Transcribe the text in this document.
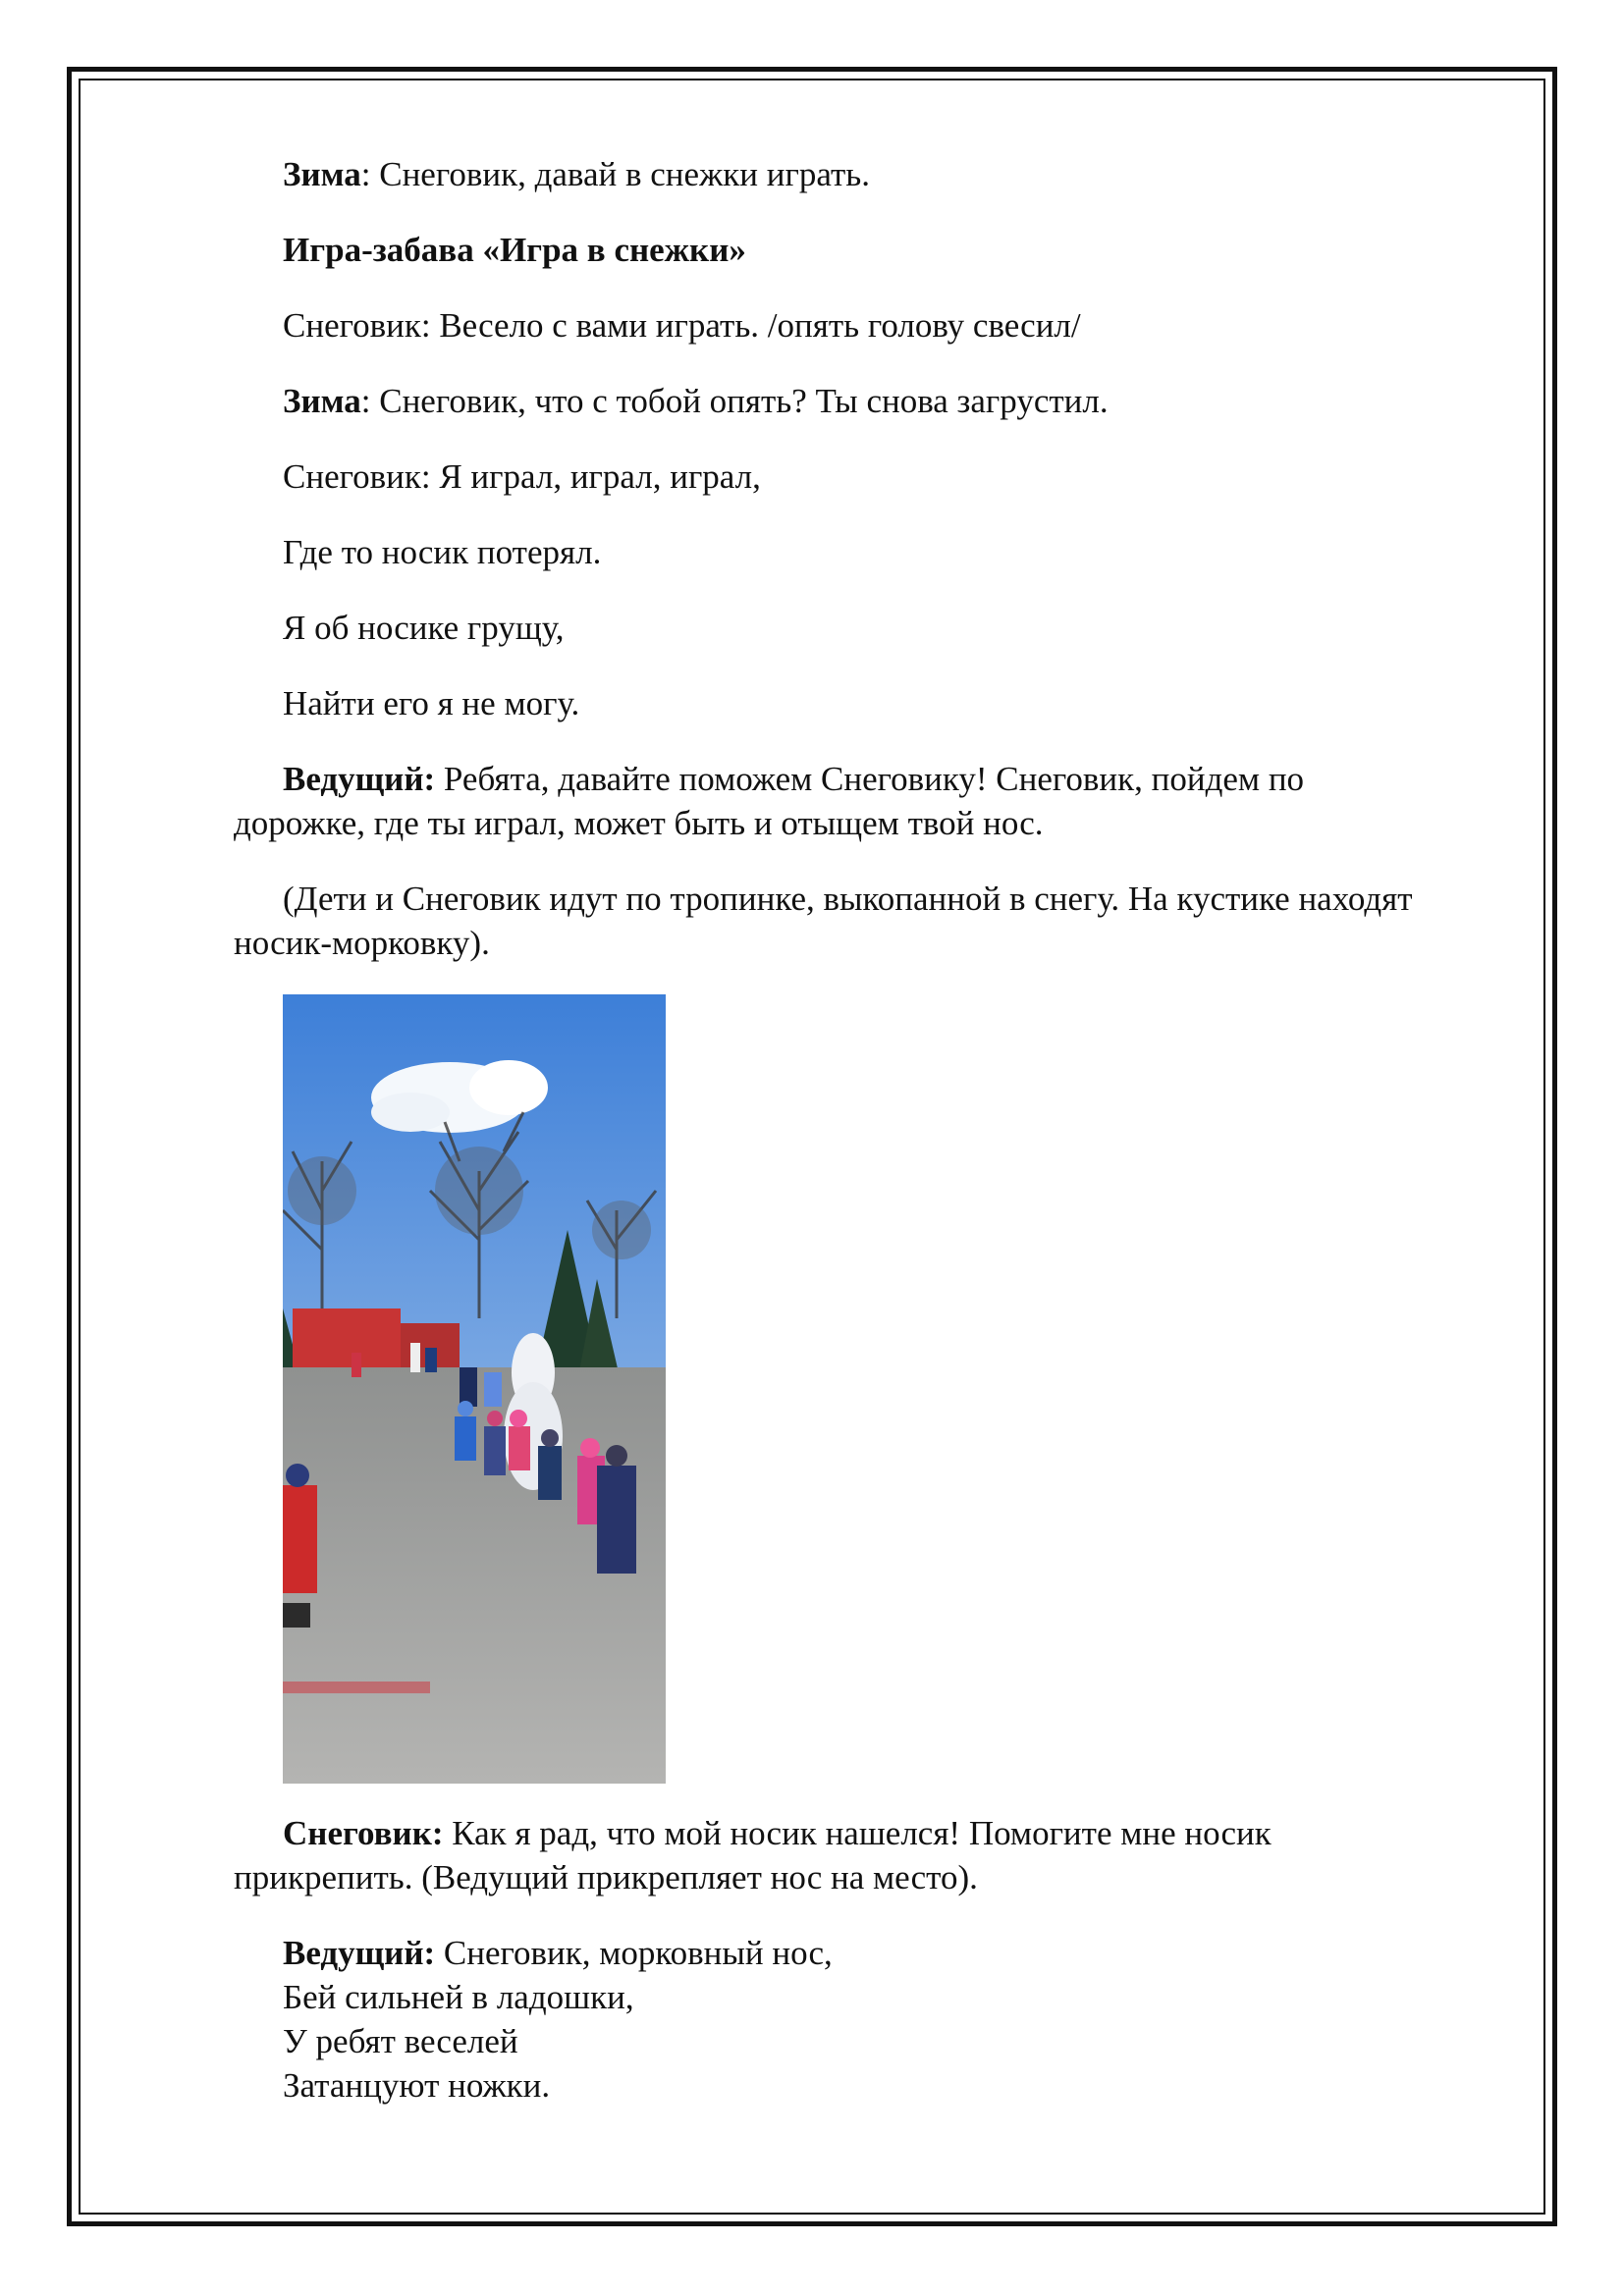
Зима: Снеговик, давай в снежки играть.

Игра-забава «Игра в снежки»

Снеговик: Весело с вами играть. /опять голову свесил/

Зима: Снеговик, что с тобой опять? Ты снова загрустил.

Снеговик: Я играл, играл, играл,

Где то носик потерял.

Я об носике грущу,

Найти его я не могу.

Ведущий: Ребята, давайте поможем Снеговику! Снеговик, пойдем по дорожке, где ты играл, может быть и отыщем твой нос.

(Дети и Снеговик идут по тропинке, выкопанной в снегу. На кустике находят носик-морковку).

Снеговик: Как я рад, что мой носик нашелся! Помогите мне носик прикрепить. (Ведущий прикрепляет нос на место).

Ведущий: Снеговик, морковный нос,

Бей сильней в ладошки,

У ребят веселей

Затанцуют ножки.
